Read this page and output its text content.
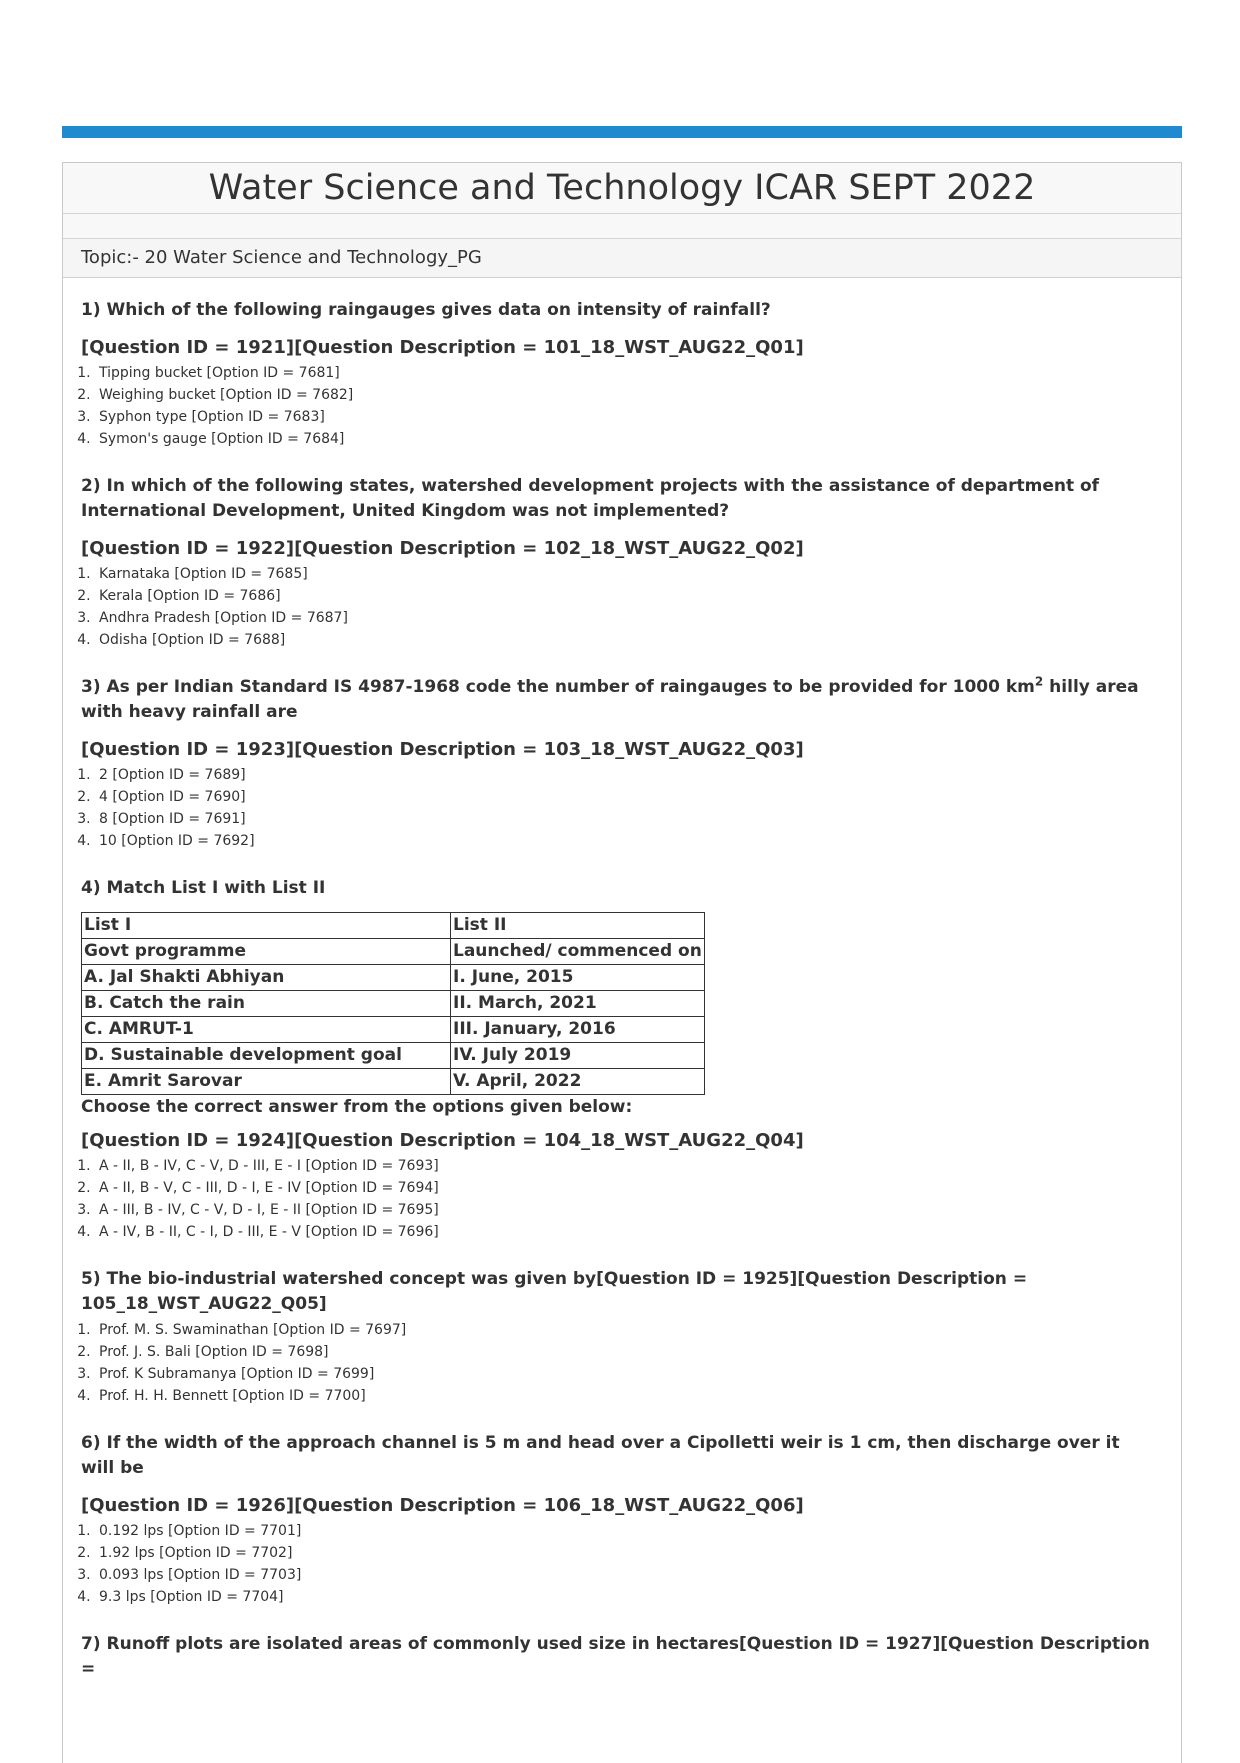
Water Science and Technology ICAR SEPT 2022
Topic:- 20 Water Science and Technology_PG

1) Which of the following raingauges gives data on intensity of rainfall?

[Question ID = 1921][Question Description = 101_18_WST_AUG22_Q01]

1. Tipping bucket [Option ID = 7681]
2. Weighing bucket [Option ID = 7682]
3. Syphon type [Option ID = 7683]
4. Symon's gauge [Option ID = 7684]

2) In which of the following states, watershed development projects with the assistance of department of International Development, United Kingdom was not implemented?

[Question ID = 1922][Question Description = 102_18_WST_AUG22_Q02]

1. Karnataka [Option ID = 7685]
2. Kerala [Option ID = 7686]
3. Andhra Pradesh [Option ID = 7687]
4. Odisha [Option ID = 7688]

3) As per Indian Standard IS 4987-1968 code the number of raingauges to be provided for 1000 $km^2$ hilly area with heavy rainfall are

[Question ID = 1923][Question Description = 103_18_WST_AUG22_Q03]

1. 2 [Option ID = 7689]
2. 4 [Option ID = 7690]
3. 8 [Option ID = 7691]
4. 10 [Option ID = 7692]

4) Match List I with List II

List I	List II
Govt programme	Launched/ commenced on
A. Jal Shakti Abhiyan	I. June, 2015
B. Catch the rain	II. March, 2021
C. AMRUT-1	III. January, 2016
D. Sustainable development goal	IV. July 2019
E. Amrit Sarovar	V. April, 2022

Choose the correct answer from the options given below:

[Question ID = 1924][Question Description = 104_18_WST_AUG22_Q04]

1. A - II, B - IV, C - V, D - III, E - I [Option ID = 7693]
2. A - II, B - V, C - III, D - I, E - IV [Option ID = 7694]
3. A - III, B - IV, C - V, D - I, E - II [Option ID = 7695]
4. A - IV, B - II, C - I, D - III, E - V [Option ID = 7696]

5) The bio-industrial watershed concept was given by[Question ID = 1925][Question Description = 105_18_WST_AUG22_Q05]

1. Prof. M. S. Swaminathan [Option ID = 7697]
2. Prof. J. S. Bali [Option ID = 7698]
3. Prof. K Subramanya [Option ID = 7699]
4. Prof. H. H. Bennett [Option ID = 7700]

6) If the width of the approach channel is 5 m and head over a Cipolletti weir is 1 cm, then discharge over it will be

[Question ID = 1926][Question Description = 106_18_WST_AUG22_Q06]

1. 0.192 lps [Option ID = 7701]
2. 1.92 lps [Option ID = 7702]
3. 0.093 lps [Option ID = 7703]
4. 9.3 lps [Option ID = 7704]

7) Runoff plots are isolated areas of commonly used size in hectares[Question ID = 1927][Question Description =
